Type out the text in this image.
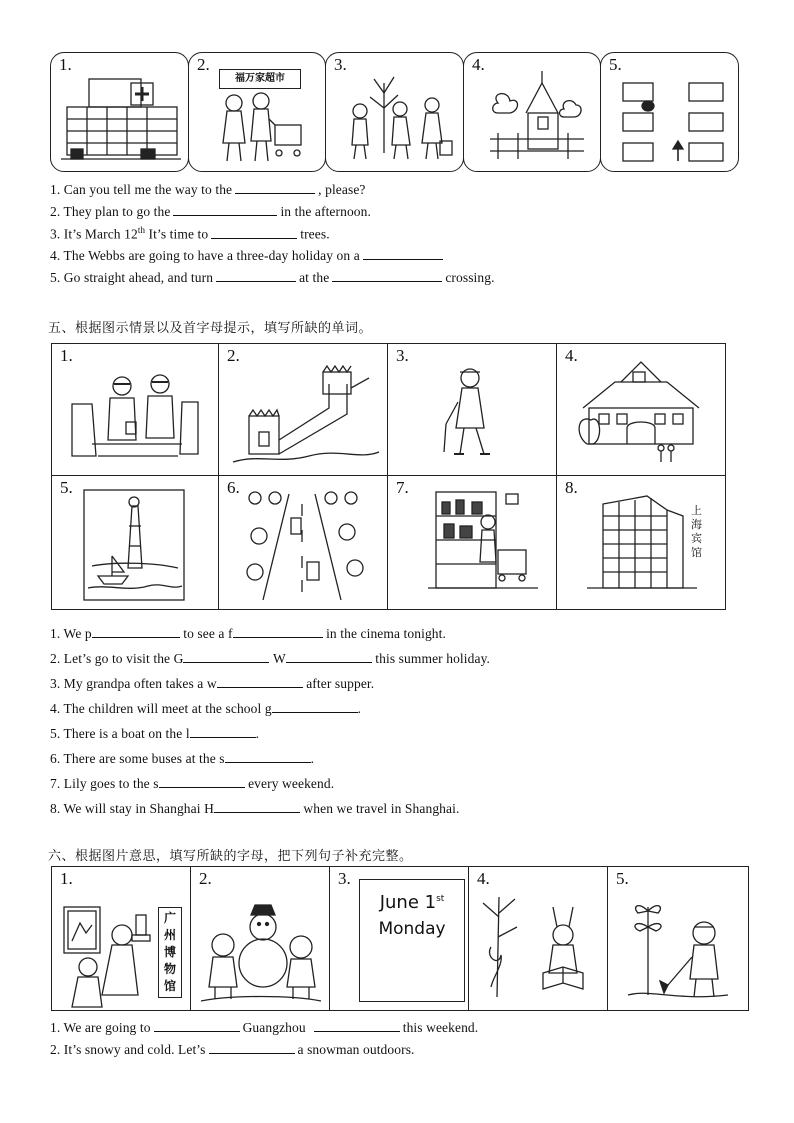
1.	2.
福万家超市
3.	4.	5.
1. Can you tell me the way to the	, please?
2. They plan to go the	in the afternoon.
3. It’s March 12th It’s time to	trees.
4. The Webbs are going to have a three-day holiday on a
5. Go straight ahead, and turn	at the	crossing.
五、根据图示情景以及首字母提示，填写所缺的单词。
1.	2.	3.	4.
5.	6.	7.	8.
上海宾馆
1. We p	to see a f	in the cinema tonight.
2. Let’s go to visit the G	W	this summer holiday.
3. My grandpa often takes a w	after supper.
4. The children will meet at the school g	.
5. There is a boat on the l	.
6. There are some buses at the s	.
7. Lily goes to the s	every weekend.
8. We will stay in Shanghai H	when we travel in Shanghai.
六、根据图片意思，填写所缺的字母，把下列句子补充完整。
1.
广州博物馆
2.	3.
June 1st
Monday
4.	5.
1. We are going to	Guangzhou	this weekend.
2. It’s snowy and cold. Let’s	a snowman outdoors.
